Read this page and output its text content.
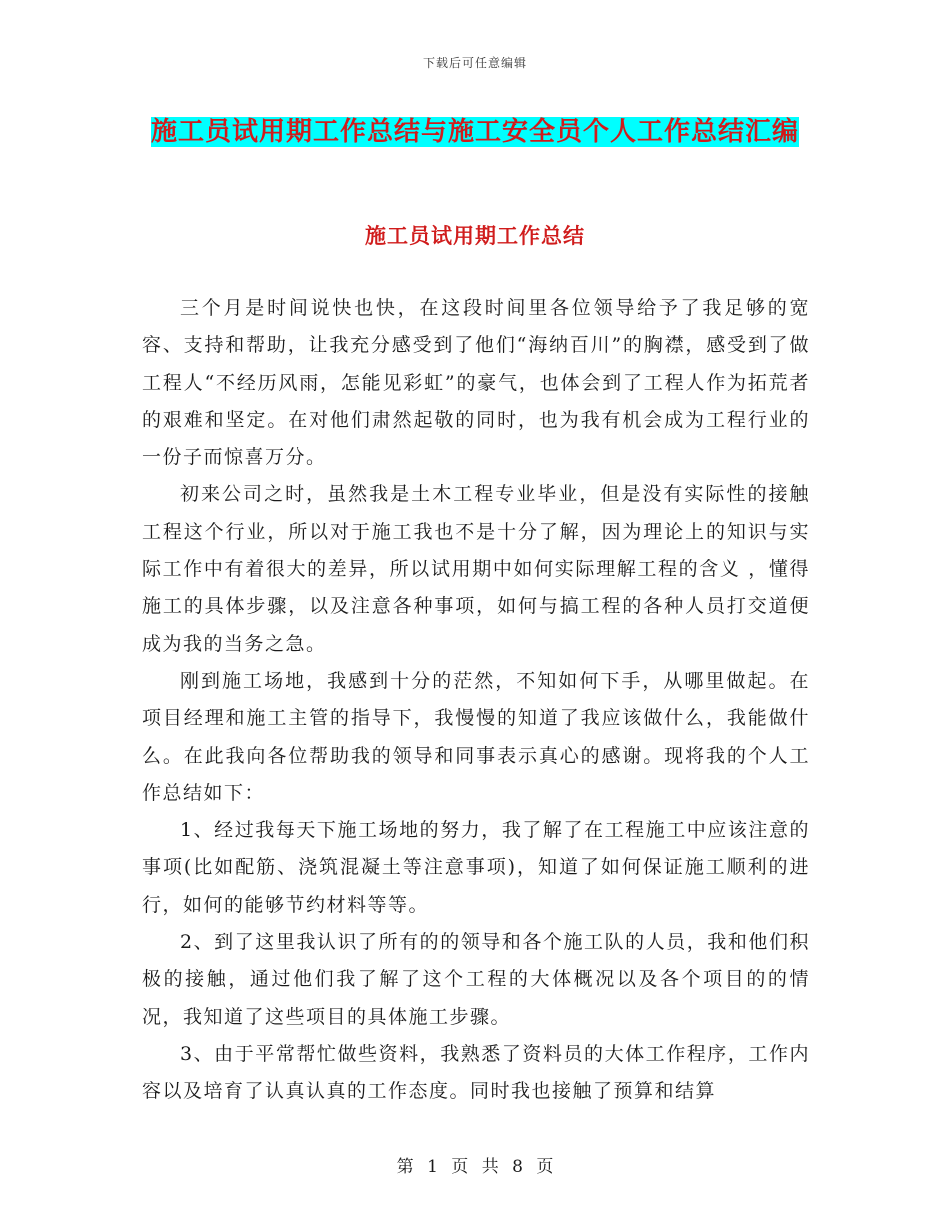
下载后可任意编辑
施工员试用期工作总结与施工安全员个人工作总结汇编
施工员试用期工作总结

三个月是时间说快也快，在这段时间里各位领导给予了我足够的宽容、支持和帮助，让我充分感受到了他们“海纳百川”的胸襟，感受到了做工程人“不经历风雨，怎能见彩虹”的豪气，也体会到了工程人作为拓荒者的艰难和坚定。在对他们肃然起敬的同时，也为我有机会成为工程行业的一份子而惊喜万分。

初来公司之时，虽然我是土木工程专业毕业，但是没有实际性的接触工程这个行业，所以对于施工我也不是十分了解，因为理论上的知识与实际工作中有着很大的差异，所以试用期中如何实际理解工程的含义 ，懂得施工的具体步骤，以及注意各种事项，如何与搞工程的各种人员打交道便成为我的当务之急。

刚到施工场地，我感到十分的茫然，不知如何下手，从哪里做起。在项目经理和施工主管的指导下，我慢慢的知道了我应该做什么，我能做什么。在此我向各位帮助我的领导和同事表示真心的感谢。现将我的个人工作总结如下：

1、经过我每天下施工场地的努力，我了解了在工程施工中应该注意的事项(比如配筋、浇筑混凝土等注意事项)，知道了如何保证施工顺利的进行，如何的能够节约材料等等。

2、到了这里我认识了所有的的领导和各个施工队的人员，我和他们积极的接触，通过他们我了解了这个工程的大体概况以及各个项目的的情况，我知道了这些项目的具体施工步骤。

3、由于平常帮忙做些资料，我熟悉了资料员的大体工作程序，工作内容以及培育了认真认真的工作态度。同时我也接触了预算和结算

第 1 页 共 8 页
